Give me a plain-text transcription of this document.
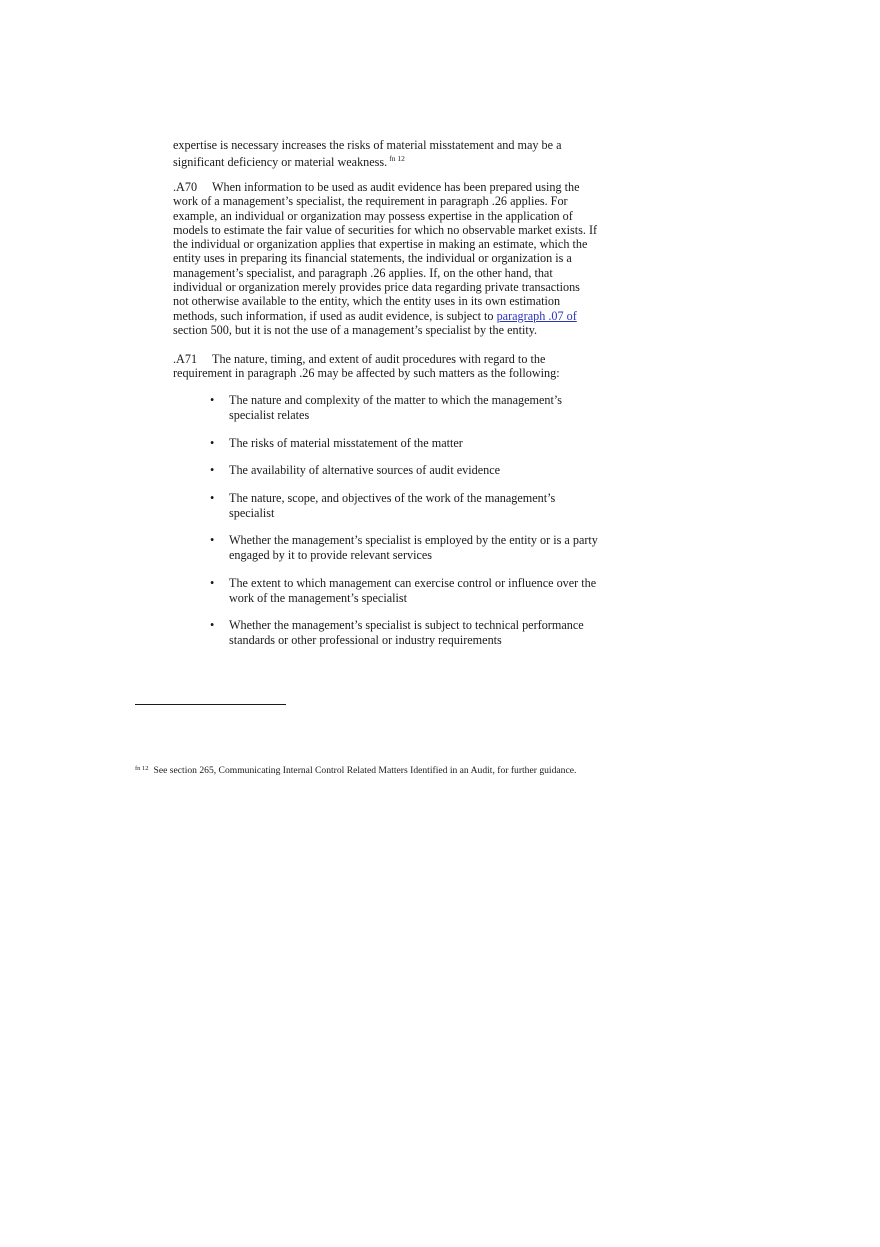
expertise is necessary increases the risks of material misstatement and may be a
significant deficiency or material weakness. $^{fn 12}$
.A70 When information to be used as audit evidence has been prepared using the
work of a management’s specialist, the requirement in paragraph .26 applies. For
example, an individual or organization may possess expertise in the application of
models to estimate the fair value of securities for which no observable market exists. If
the individual or organization applies that expertise in making an estimate, which the
entity uses in preparing its financial statements, the individual or organization is a
management’s specialist, and paragraph .26 applies. If, on the other hand, that
individual or organization merely provides price data regarding private transactions
not otherwise available to the entity, which the entity uses in its own estimation
methods, such information, if used as audit evidence, is subject to paragraph .07 of
section 500, but it is not the use of a management’s specialist by the entity.
.A71 The nature, timing, and extent of audit procedures with regard to the
requirement in paragraph .26 may be affected by such matters as the following:
• The nature and complexity of the matter to which the management’s
specialist relates
• The risks of material misstatement of the matter
• The availability of alternative sources of audit evidence
• The nature, scope, and objectives of the work of the management’s
specialist
• Whether the management’s specialist is employed by the entity or is a party
engaged by it to provide relevant services
• The extent to which management can exercise control or influence over the
work of the management’s specialist
• Whether the management’s specialist is subject to technical performance
standards or other professional or industry requirements
$^{fn 12}$ See section 265, Communicating Internal Control Related Matters Identified in an Audit, for further guidance.
